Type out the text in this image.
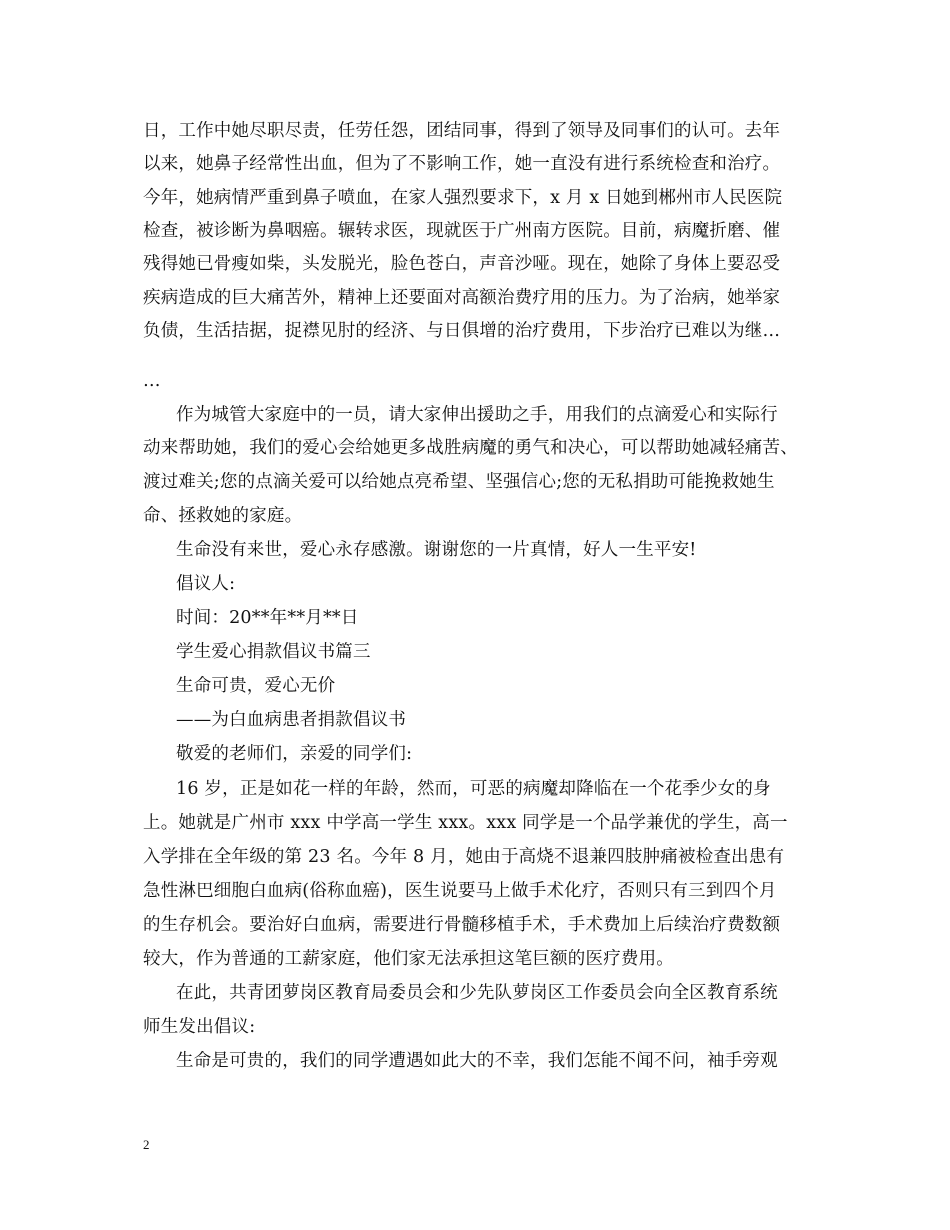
日，工作中她尽职尽责，任劳任怨，团结同事，得到了领导及同事们的认可。去年
以来，她鼻子经常性出血，但为了不影响工作，她一直没有进行系统检查和治疗。
今年，她病情严重到鼻子喷血，在家人强烈要求下，x 月 x 日她到郴州市人民医院
检查，被诊断为鼻咽癌。辗转求医，现就医于广州南方医院。目前，病魔折磨、催
残得她已骨瘦如柴，头发脱光，脸色苍白，声音沙哑。现在，她除了身体上要忍受
疾病造成的巨大痛苦外，精神上还要面对高额治费疗用的压力。为了治病，她举家
负债，生活拮据，捉襟见肘的经济、与日俱增的治疗费用，下步治疗已难以为继…
…
作为城管大家庭中的一员，请大家伸出援助之手，用我们的点滴爱心和实际行
动来帮助她，我们的爱心会给她更多战胜病魔的勇气和决心，可以帮助她减轻痛苦、
渡过难关;您的点滴关爱可以给她点亮希望、坚强信心;您的无私捐助可能挽救她生
命、拯救她的家庭。
生命没有来世，爱心永存感激。谢谢您的一片真情，好人一生平安!
倡议人:
时间：20**年**月**日
学生爱心捐款倡议书篇三
生命可贵，爱心无价
——为白血病患者捐款倡议书
敬爱的老师们，亲爱的同学们:
16 岁，正是如花一样的年龄，然而，可恶的病魔却降临在一个花季少女的身
上。她就是广州市 xxx 中学高一学生 xxx。xxx 同学是一个品学兼优的学生，高一
入学排在全年级的第 23 名。今年 8 月，她由于高烧不退兼四肢肿痛被检查出患有
急性淋巴细胞白血病(俗称血癌)，医生说要马上做手术化疗，否则只有三到四个月
的生存机会。要治好白血病，需要进行骨髓移植手术，手术费加上后续治疗费数额
较大，作为普通的工薪家庭，他们家无法承担这笔巨额的医疗费用。
在此，共青团萝岗区教育局委员会和少先队萝岗区工作委员会向全区教育系统
师生发出倡议:
生命是可贵的，我们的同学遭遇如此大的不幸，我们怎能不闻不问，袖手旁观
2
